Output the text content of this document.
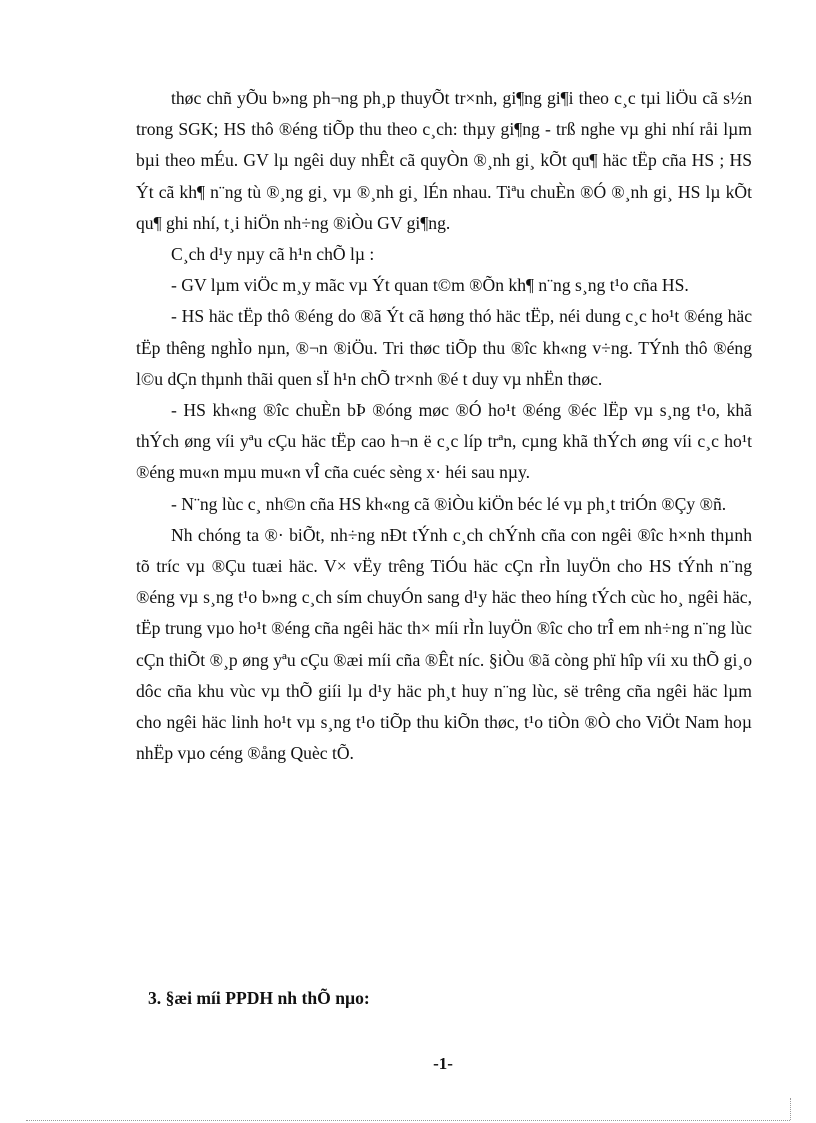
thøc chñ yÕu b»ng ph¬ng ph¸p thuyÕt tr×nh, gi¶ng gi¶i theo c¸c tµi liÖu cã s½n trong SGK; HS thô ®éng tiÕp thu theo c¸ch: thµy gi¶ng - trß nghe vµ ghi nhí råi lµm bµi theo mÉu. GV lµ ngêi duy nhÊt cã quyÒn ®¸nh gi¸ kÕt qu¶ häc tËp cña HS ; HS Ýt cã kh¶ n¨ng tù ®¸ng gi¸ vµ ®¸nh gi¸ lÉn nhau. Tiªu chuÈn ®Ó ®¸nh gi¸ HS lµ kÕt qu¶ ghi nhí, t¸i hiÖn nh÷ng ®iÒu GV gi¶ng.

C¸ch d¹y nµy cã h¹n chÕ lµ :

- GV lµm viÖc m¸y mãc vµ Ýt quan t©m ®Õn kh¶ n¨ng s¸ng t¹o cña HS.

- HS häc tËp thô ®éng do ®ã Ýt cã høng thó häc tËp, néi dung c¸c ho¹t ®éng häc tËp thêng nghÌo nµn, ®¬n ®iÖu. Tri thøc tiÕp thu ®îc kh«ng v÷ng. TÝnh thô ®éng l©u dÇn thµnh thãi quen sÏ h¹n chÕ tr×nh ®é t duy vµ nhËn thøc.

- HS kh«ng ®îc chuÈn bÞ ®óng møc ®Ó ho¹t ®éng ®éc lËp vµ s¸ng t¹o, khã thÝch øng víi yªu cÇu häc tËp cao h¬n ë c¸c líp trªn, cµng khã thÝch øng víi c¸c ho¹t ®éng mu«n mµu mu«n vÎ cña cuéc sèng x· héi sau nµy.

- N¨ng lùc c¸ nh©n cña HS kh«ng cã ®iÒu kiÖn béc lé vµ ph¸t triÓn ®Çy ®ñ.

Nh chóng ta ®· biÕt, nh÷ng nÐt tÝnh c¸ch chÝnh cña con ngêi ®îc h×nh thµnh tõ tríc vµ ®Çu tuæi häc. V× vËy trêng TiÓu häc cÇn rÌn luyÖn cho HS tÝnh n¨ng ®éng vµ s¸ng t¹o b»ng c¸ch sím chuyÓn sang d¹y häc theo híng tÝch cùc ho¸ ngêi häc, tËp trung vµo ho¹t ®éng cña ngêi häc th× míi rÌn luyÖn ®îc cho trÎ em nh÷ng n¨ng lùc cÇn thiÕt ®¸p øng yªu cÇu ®æi míi cña ®Êt níc. §iÒu ®ã còng phï hîp víi xu thÕ gi¸o dôc cña khu vùc vµ thÕ giíi lµ d¹y häc ph¸t huy n¨ng lùc, së trêng cña ngêi häc lµm cho ngêi häc linh ho¹t vµ s¸ng t¹o tiÕp thu kiÕn thøc, t¹o tiÒn ®Ò cho ViÖt Nam hoµ nhËp vµo céng ®ång Quèc tÕ.

3. §æi míi PPDH nh thÕ nµo:

-1-
